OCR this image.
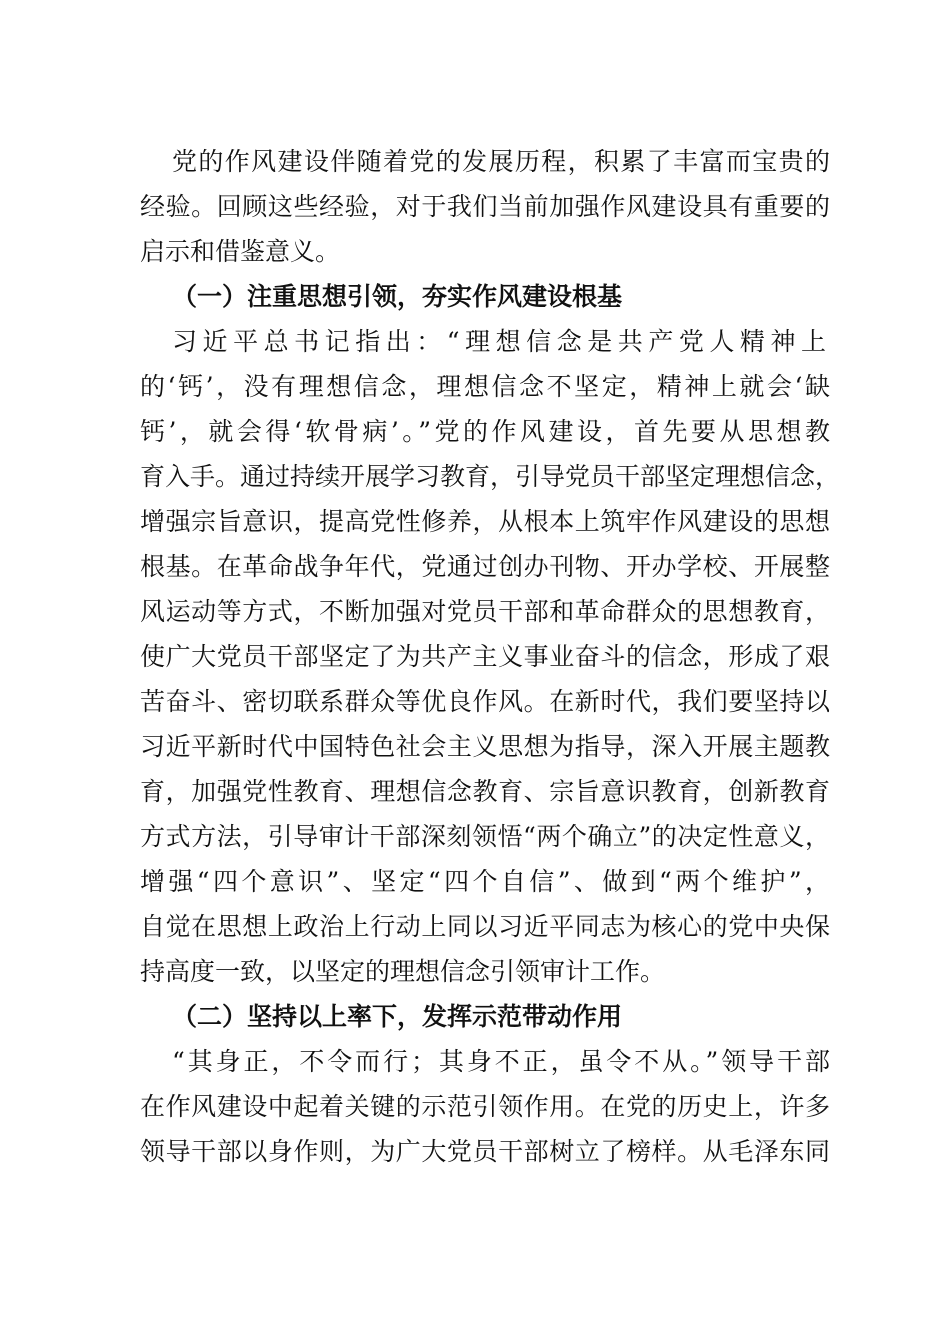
党的作风建设伴随着党的发展历程，积累了丰富而宝贵的
经验。回顾这些经验，对于我们当前加强作风建设具有重要的
启示和借鉴意义。
（一）注重思想引领，夯实作风建设根基
习近平总书记指出：“理想信念是共产党人精神上
的‘钙’，没有理想信念，理想信念不坚定，精神上就会‘缺
钙’，就会得‘软骨病’。”党的作风建设，首先要从思想教
育入手。通过持续开展学习教育，引导党员干部坚定理想信念，
增强宗旨意识，提高党性修养，从根本上筑牢作风建设的思想
根基。在革命战争年代，党通过创办刊物、开办学校、开展整
风运动等方式，不断加强对党员干部和革命群众的思想教育，
使广大党员干部坚定了为共产主义事业奋斗的信念，形成了艰
苦奋斗、密切联系群众等优良作风。在新时代，我们要坚持以
习近平新时代中国特色社会主义思想为指导，深入开展主题教
育，加强党性教育、理想信念教育、宗旨意识教育，创新教育
方式方法，引导审计干部深刻领悟“两个确立”的决定性意义，
增强“四个意识”、坚定“四个自信”、做到“两个维护”，
自觉在思想上政治上行动上同以习近平同志为核心的党中央保
持高度一致，以坚定的理想信念引领审计工作。
（二）坚持以上率下，发挥示范带动作用
“其身正，不令而行；其身不正，虽令不从。”领导干部
在作风建设中起着关键的示范引领作用。在党的历史上，许多
领导干部以身作则，为广大党员干部树立了榜样。从毛泽东同
